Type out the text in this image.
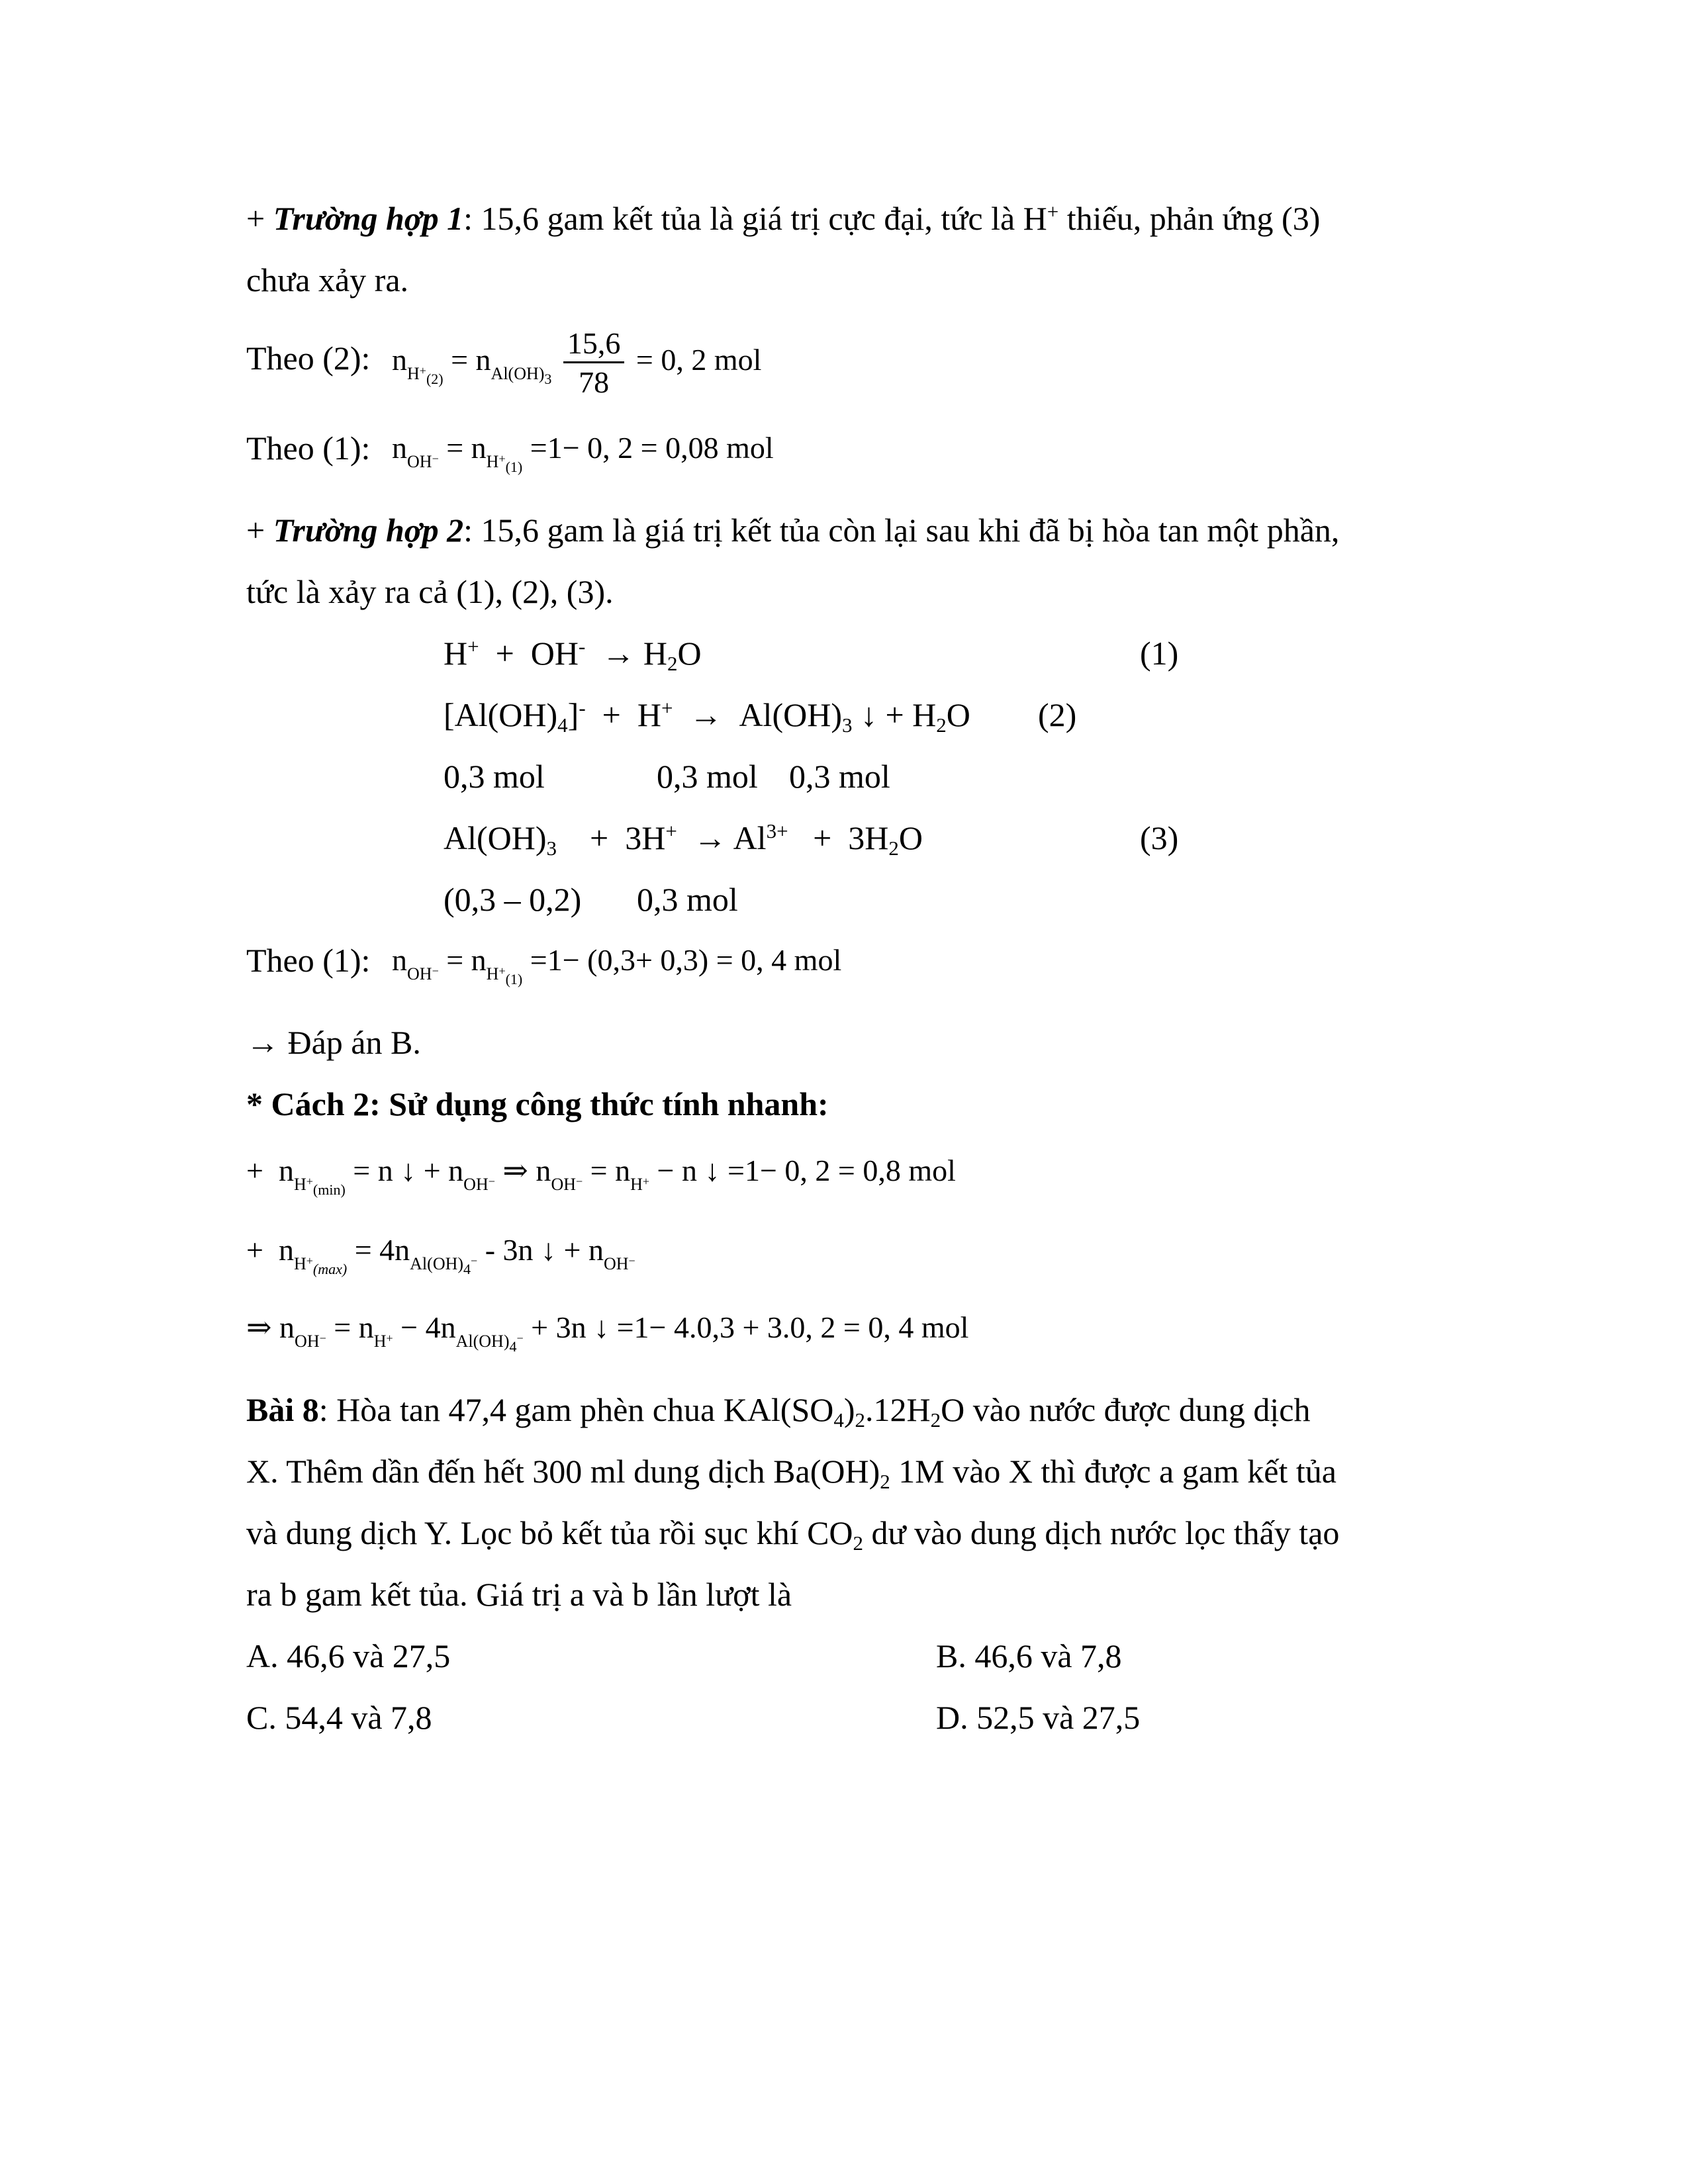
+ Trường hợp 1: 15,6 gam kết tủa là giá trị cực đại, tức là H+ thiếu, phản ứng (3)
chưa xảy ra.
Theo (2): $n_{H^+_{(2)}} = n_{Al(OH)_3} \frac{15,6}{78} = 0$, 2 mol
Theo (1): $n_{OH^-} = n_{H^+_{(1)}} =1- 0$, 2 = 0,08 mol
+ Trường hợp 2: 15,6 gam là giá trị kết tủa còn lại sau khi đã bị hòa tan một phần,
tức là xảy ra cả (1), (2), (3).
$H^+ + OH^- \to H_2O$	(1)
$[Al(OH)_4]^- + H^+ \to Al(OH)_3$ ↓ + $H_2O$ (2)
0,3 mol	0,3 mol 0,3 mol
$Al(OH)_3$    +  $3H^+ \to Al^{3+} + 3H_2O$	(3)
(0,3 – 0,2) 0,3 mol
Theo (1): $n_{OH^-} = n_{H^+_{(1)}} =1- (0,3+ 0,3) = 0$, 4 mol
→ Đáp án B.
* Cách 2: Sử dụng công thức tính nhanh:
+  $n_{H^+_{(min)}} = n$ ↓ + $n_{OH^-}$ ⇒ $n_{OH^-} = n_{H^+} - n$ ↓ =1− 0, 2 = 0,8 mol
+  $n_{H^+_{(max)}} = 4n_{Al(OH)_4^-} - 3n$ ↓ + $n_{OH^-}$
⇒ $n_{OH^-} = n_{H^+} - 4n_{Al(OH)_4^-} + 3n$ ↓ =1− 4.0,3 + 3.0, 2 = 0, 4 mol
Bài 8: Hòa tan 47,4 gam phèn chua $KAl(SO_4)_2.12H_2O$ vào nước được dung dịch
X. Thêm dần đến hết 300 ml dung dịch $Ba(OH)_2$ 1M vào X thì được a gam kết tủa
và dung dịch Y. Lọc bỏ kết tủa rồi sục khí $CO_2$ dư vào dung dịch nước lọc thấy tạo
ra b gam kết tủa. Giá trị a và b lần lượt là
A. 46,6 và 27,5	B. 46,6 và 7,8
C. 54,4 và 7,8	D. 52,5 và 27,5
